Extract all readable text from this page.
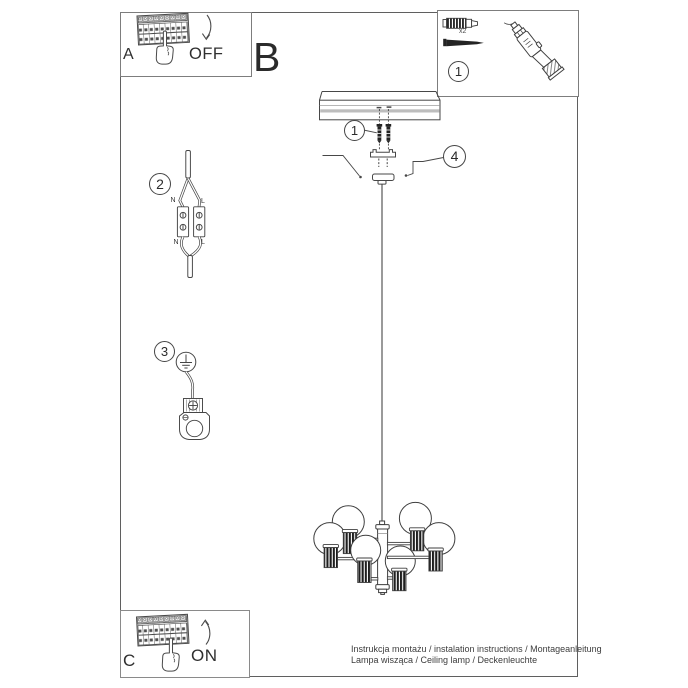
A	OFF B
x2
C	ON
1
1
4
2
3
N	L
N	L
Instrukcja montażu / instalation instructions / Montageanleitung
Lampa wisząca / Ceiling lamp / Deckenleuchte
